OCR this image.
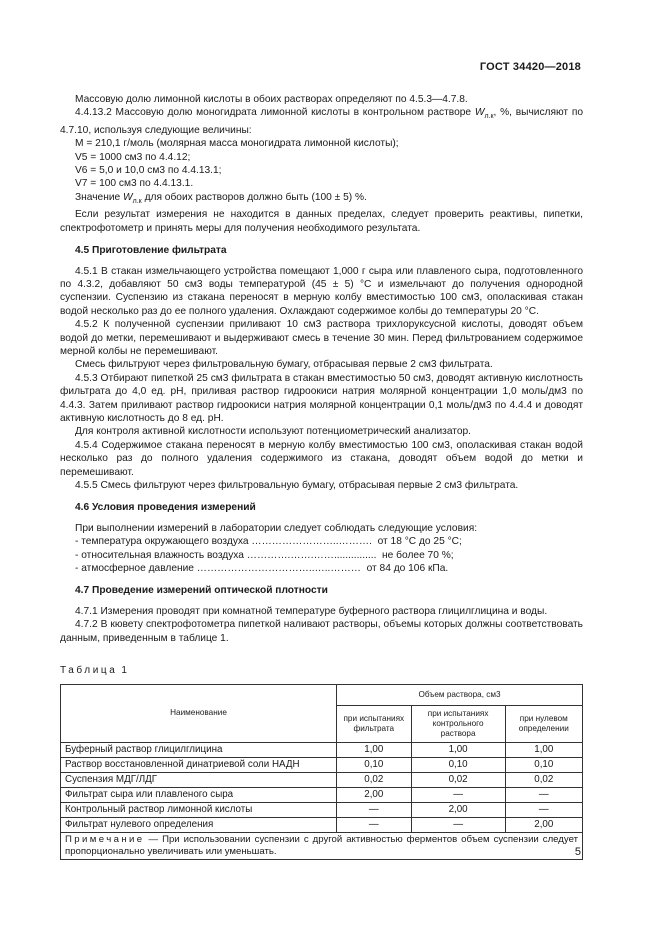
ГОСТ 34420—2018

Массовую долю лимонной кислоты в обоих растворах определяют по 4.5.3—4.7.8.

4.4.13.2 Массовую долю моногидрата лимонной кислоты в контрольном растворе $W_{л.к}$, %, вычисляют по 4.7.10, используя следующие величины:

M = 210,1 г/моль (молярная масса моногидрата лимонной кислоты);

V5 = 1000 см3 по 4.4.12;

V6 = 5,0 и 10,0 см3 по 4.4.13.1;

V7 = 100 см3 по 4.4.13.1.

Значение $W_{л.к}$ для обоих растворов должно быть (100 ± 5) %.

Если результат измерения не находится в данных пределах, следует проверить реактивы, пипетки, спектрофотометр и принять меры для получения необходимого результата.

4.5 Приготовление фильтрата

4.5.1 В стакан измельчающего устройства помещают 1,000 г сыра или плавленого сыра, подготовленного по 4.3.2, добавляют 50 см3 воды температурой (45 ± 5) °С и измельчают до получения однородной суспензии. Суспензию из стакана переносят в мерную колбу вместимостью 100 см3, ополаскивая стакан водой несколько раз до ее полного удаления. Охлаждают содержимое колбы до температуры 20 °С.

4.5.2 К полученной суспензии приливают 10 см3 раствора трихлоруксусной кислоты, доводят объем водой до метки, перемешивают и выдерживают смесь в течение 30 мин. Перед фильтрованием содержимое мерной колбы не перемешивают.

Смесь фильтруют через фильтровальную бумагу, отбрасывая первые 2 см3 фильтрата.

4.5.3 Отбирают пипеткой 25 см3 фильтрата в стакан вместимостью 50 см3, доводят активную кислотность фильтрата до 4,0 ед. рН, приливая раствор гидроокиси натрия молярной концентрации 1,0 моль/дм3 по 4.4.3. Затем приливают раствор гидроокиси натрия молярной концентрации 0,1 моль/дм3 по 4.4.4 и доводят активную кислотность до 8 ед. рН.

Для контроля активной кислотности используют потенциометрический анализатор.

4.5.4 Содержимое стакана переносят в мерную колбу вместимостью 100 см3, ополаскивая стакан водой несколько раз до полного удаления содержимого из стакана, доводят объем водой до метки и перемешивают.

4.5.5 Смесь фильтруют через фильтровальную бумагу, отбрасывая первые 2 см3 фильтрата.

4.6 Условия проведения измерений

При выполнении измерений в лаборатории следует соблюдать следующие условия:

- температура окружающего воздуха ……………………..……….  от 18 °С до 25 °С;

- относительная влажность воздуха ………….…….……...............  не более 70 %;

- атмосферное давление ……………………………..…..………  от 84 до 106 кПа.

4.7 Проведение измерений оптической плотности

4.7.1 Измерения проводят при комнатной температуре буферного раствора глицилглицина и воды.

4.7.2 В кювету спектрофотометра пипеткой наливают растворы, объемы которых должны соответствовать данным, приведенным в таблице 1.

Таблица 1
Наименование	Объем раствора, см3		
	при испытаниях фильтрата	при испытаниях контрольного раствора	при нулевом определении
Буферный раствор глицилглицина	1,00	1,00	1,00
Раствор восстановленной динатриевой соли НАДН	0,10	0,10	0,10
Суспензия МДГ/ЛДГ	0,02	0,02	0,02
Фильтрат сыра или плавленого сыра	2,00	—	—
Контрольный раствор лимонной кислоты	—	2,00	—
Фильтрат нулевого определения	—	—	2,00
Примечание — При использовании суспензии с другой активностью ферментов объем суспензии следует пропорционально увеличивать или уменьшать.				5
